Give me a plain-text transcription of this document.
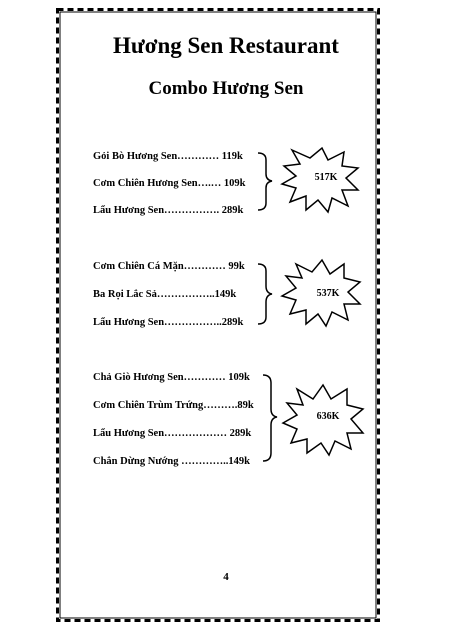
Hương Sen Restaurant
Combo Hương Sen
Gỏi Bò Hương Sen………… 119k
Cơm Chiên Hương Sen….… 109k
Lẩu Hương Sen……………. 289k
517K
Cơm Chiên Cá Mặn………… 99k
Ba Rọi Lắc Sả……………..149k
Lẩu Hương Sen……………..289k
537K
Chả Giò Hương Sen………… 109k
Cơm Chiên Trùm Trứng……….89k
Lẩu Hương Sen……………… 289k
Chẳn Dừng Nướng …………..149k
636K
4
